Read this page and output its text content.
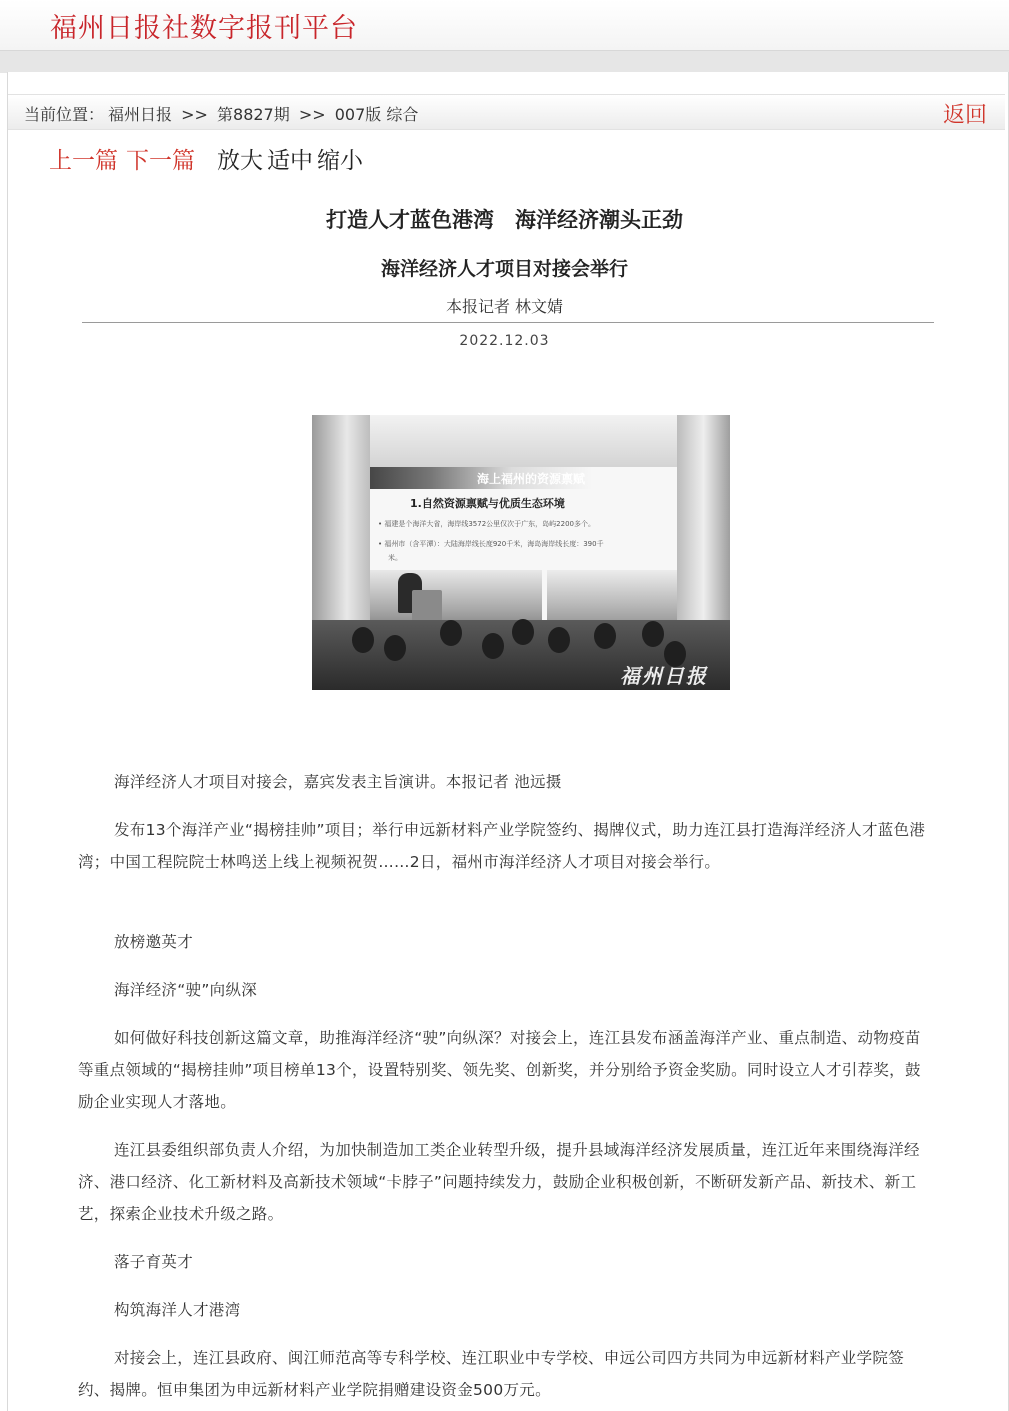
福州日报社数字报刊平台
当前位置： 福州日报 >> 第8827期 >> 007版 综合	返回
上一篇 下一篇 放大 适中 缩小
打造人才蓝色港湾　海洋经济潮头正劲
海洋经济人才项目对接会举行
本报记者 林文婧
2022.12.03
海上福州的资源禀赋
1.自然资源禀赋与优质生态环境
• 福建是个海洋大省，海岸线3572公里仅次于广东，岛屿2200多个。
• 福州市（含平潭）：大陆海岸线长度920千米，海岛海岸线长度：390千
米。
福州日报
海洋经济人才项目对接会，嘉宾发表主旨演讲。本报记者 池远摄
发布13个海洋产业“揭榜挂帅”项目；举行申远新材料产业学院签约、揭牌仪式，助力连江县打造海洋经济人才蓝色港湾；中国工程院院士林鸣送上线上视频祝贺……2日，福州市海洋经济人才项目对接会举行。
放榜邀英才
海洋经济“驶”向纵深
如何做好科技创新这篇文章，助推海洋经济“驶”向纵深？对接会上，连江县发布涵盖海洋产业、重点制造、动物疫苗等重点领域的“揭榜挂帅”项目榜单13个，设置特别奖、领先奖、创新奖，并分别给予资金奖励。同时设立人才引荐奖，鼓励企业实现人才落地。
连江县委组织部负责人介绍，为加快制造加工类企业转型升级，提升县域海洋经济发展质量，连江近年来围绕海洋经济、港口经济、化工新材料及高新技术领域“卡脖子”问题持续发力，鼓励企业积极创新，不断研发新产品、新技术、新工艺，探索企业技术升级之路。
落子育英才
构筑海洋人才港湾
对接会上，连江县政府、闽江师范高等专科学校、连江职业中专学校、申远公司四方共同为申远新材料产业学院签约、揭牌。恒申集团为申远新材料产业学院捐赠建设资金500万元。
